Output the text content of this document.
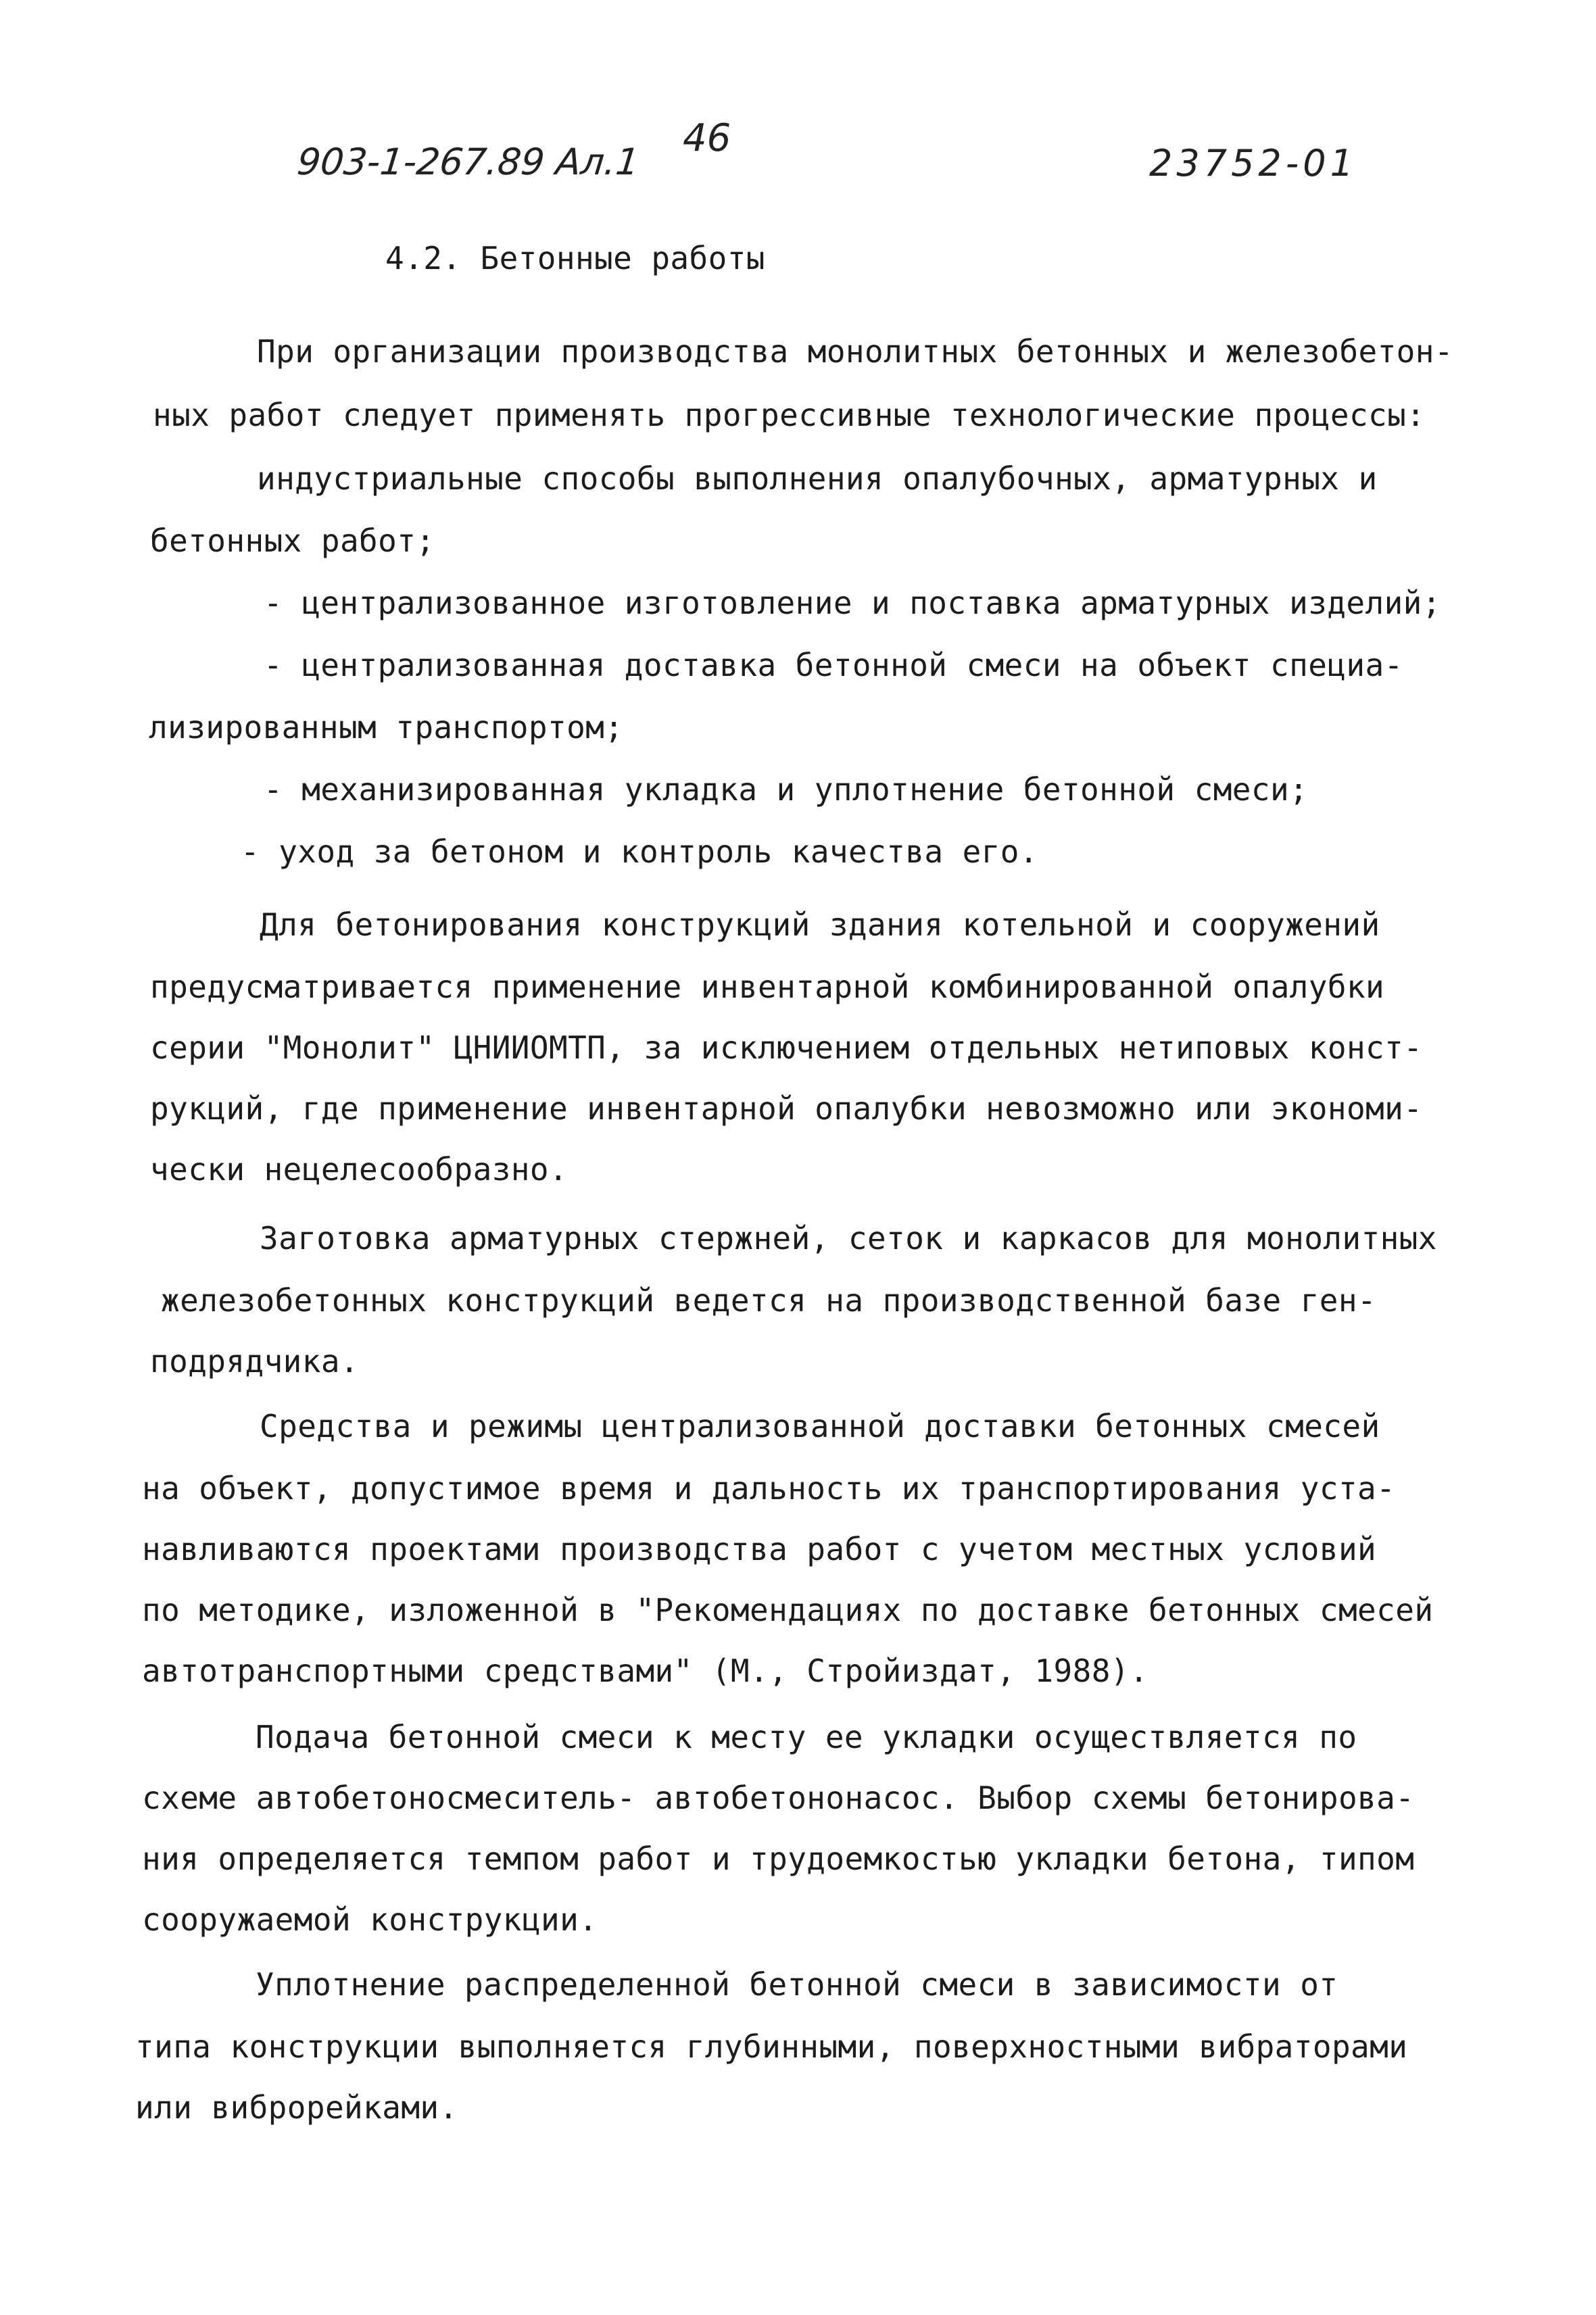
903-1-267.89 Ал.1
46
23752-01
4.2. Бетонные работы
При организации производства монолитных бетонных и железобетон-
ных работ следует применять прогрессивные технологические процессы:
индустриальные способы выполнения опалубочных, арматурных и
бетонных работ;
- централизованное изготовление и поставка арматурных изделий;
- централизованная доставка бетонной смеси на объект специа-
лизированным транспортом;
- механизированная укладка и уплотнение бетонной смеси;
- уход за бетоном и контроль качества его.
Для бетонирования конструкций здания котельной и сооружений
предусматривается применение инвентарной комбинированной опалубки
серии "Монолит" ЦНИИОМТП, за исключением отдельных нетиповых конст-
рукций, где применение инвентарной опалубки невозможно или экономи-
чески нецелесообразно.
Заготовка арматурных стержней, сеток и каркасов для монолитных
железобетонных конструкций ведется на производственной базе ген-
подрядчика.
Средства и режимы централизованной доставки бетонных смесей
на объект, допустимое время и дальность их транспортирования уста-
навливаются проектами производства работ с учетом местных условий
по методике, изложенной в "Рекомендациях по доставке бетонных смесей
автотранспортными средствами" (М., Стройиздат, 1988).
Подача бетонной смеси к месту ее укладки осуществляется по
схеме автобетоносмеситель- автобетононасос. Выбор схемы бетонирова-
ния определяется темпом работ и трудоемкостью укладки бетона, типом
сооружаемой конструкции.
Уплотнение распределенной бетонной смеси в зависимости от
типа конструкции выполняется глубинными, поверхностными вибраторами
или виброрейками.
